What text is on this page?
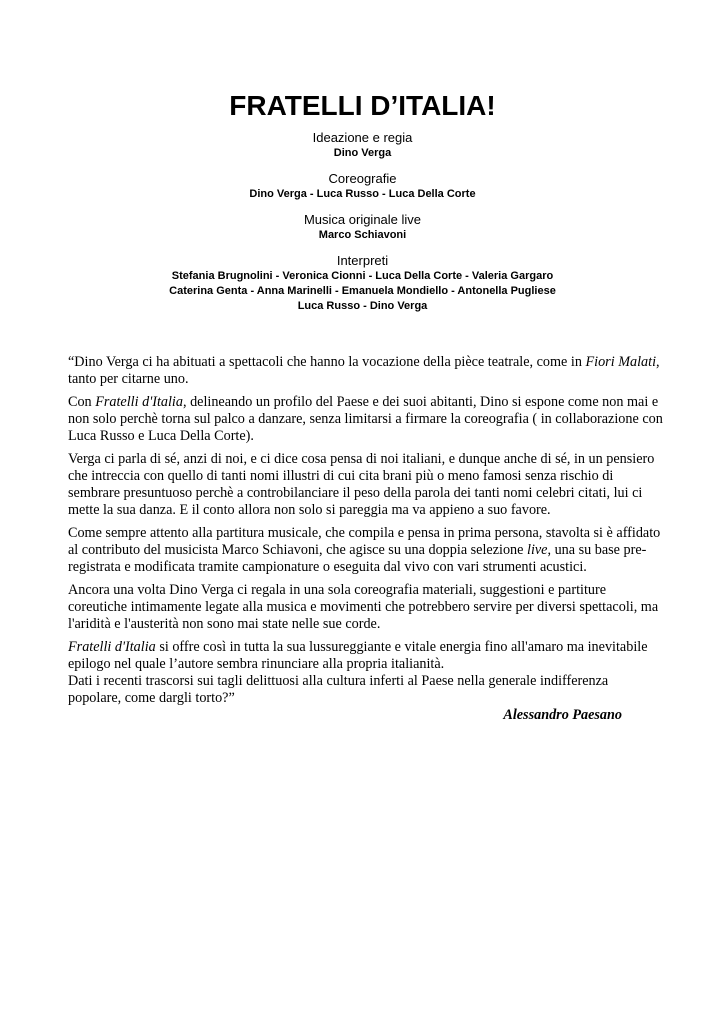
FRATELLI D’ITALIA!
Ideazione e regia
Dino Verga
Coreografie
Dino Verga - Luca Russo - Luca Della Corte
Musica originale live
Marco Schiavoni
Interpreti
Stefania Brugnolini - Veronica Cionni - Luca Della Corte - Valeria Gargaro
Caterina Genta - Anna Marinelli - Emanuela Mondiello - Antonella Pugliese
Luca Russo - Dino Verga

“Dino Verga ci ha abituati a spettacoli che hanno la vocazione della pièce teatrale, come in Fiori Malati, tanto per citarne uno.

Con Fratelli d'Italia, delineando un profilo del Paese e dei suoi abitanti, Dino si espone come non mai e non solo perchè torna sul palco a danzare, senza limitarsi a firmare la coreografia ( in collaborazione con Luca Russo e Luca Della Corte).

Verga ci parla di sé, anzi di noi, e ci dice cosa pensa di noi italiani, e dunque anche di sé, in un pensiero che intreccia con quello di tanti nomi illustri di cui cita brani più o meno famosi senza rischio di sembrare presuntuoso perchè a controbilanciare il peso della parola dei tanti nomi celebri citati, lui ci mette la sua danza. E il conto allora non solo si pareggia ma va appieno a suo favore.

Come sempre attento alla partitura musicale, che compila e pensa in prima persona, stavolta si è affidato al contributo del musicista Marco Schiavoni, che agisce su una doppia selezione live, una su base pre-registrata e modificata tramite campionature o eseguita dal vivo con vari strumenti acustici.

Ancora una volta Dino Verga ci regala in una sola coreografia materiali, suggestioni e partiture coreutiche intimamente legate alla musica e movimenti che potrebbero servire per diversi spettacoli, ma l'aridità e l'austerità non sono mai state nelle sue corde.

Fratelli d'Italia si offre così in tutta la sua lussureggiante e vitale energia fino all'amaro ma inevitabile epilogo nel quale l’autore sembra rinunciare alla propria italianità.
Dati i recenti trascorsi sui tagli delittuosi alla cultura inferti al Paese nella generale indifferenza popolare, come dargli torto?”

Alessandro Paesano
